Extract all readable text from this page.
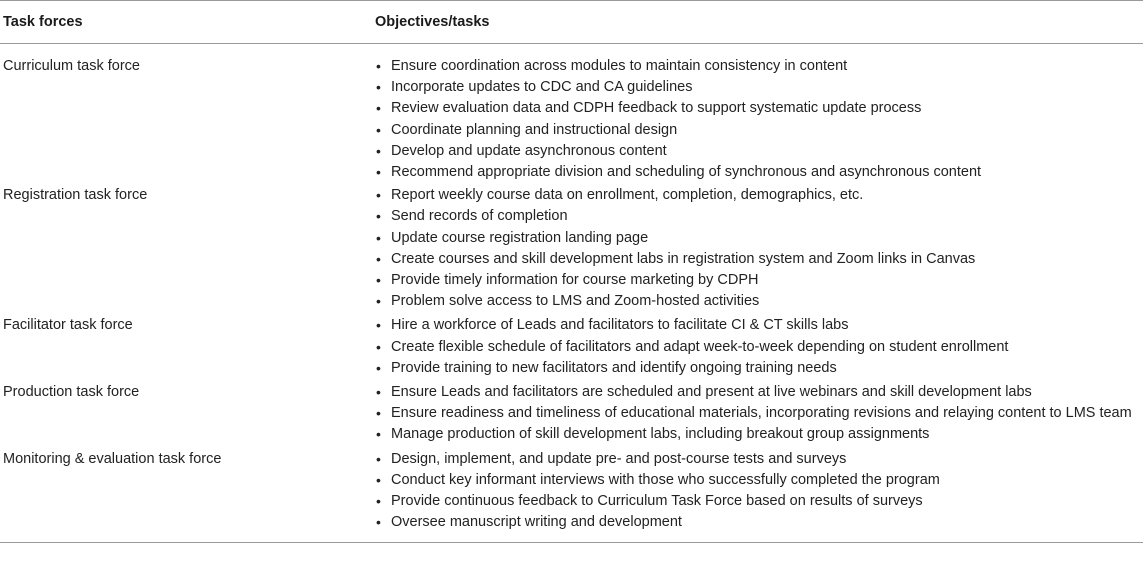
Task forces	Objectives/tasks
Curriculum task force	• Ensure coordination across modules to maintain consistency in content
• Incorporate updates to CDC and CA guidelines
• Review evaluation data and CDPH feedback to support systematic update process
• Coordinate planning and instructional design
• Develop and update asynchronous content
• Recommend appropriate division and scheduling of synchronous and asynchronous content
Registration task force	• Report weekly course data on enrollment, completion, demographics, etc.
• Send records of completion
• Update course registration landing page
• Create courses and skill development labs in registration system and Zoom links in Canvas
• Provide timely information for course marketing by CDPH
• Problem solve access to LMS and Zoom-hosted activities
Facilitator task force	• Hire a workforce of Leads and facilitators to facilitate CI & CT skills labs
• Create flexible schedule of facilitators and adapt week-to-week depending on student enrollment
• Provide training to new facilitators and identify ongoing training needs
Production task force	• Ensure Leads and facilitators are scheduled and present at live webinars and skill development labs
• Ensure readiness and timeliness of educational materials, incorporating revisions and relaying content to LMS team
• Manage production of skill development labs, including breakout group assignments
Monitoring & evaluation task force	• Design, implement, and update pre- and post-course tests and surveys
• Conduct key informant interviews with those who successfully completed the program
• Provide continuous feedback to Curriculum Task Force based on results of surveys
• Oversee manuscript writing and development
